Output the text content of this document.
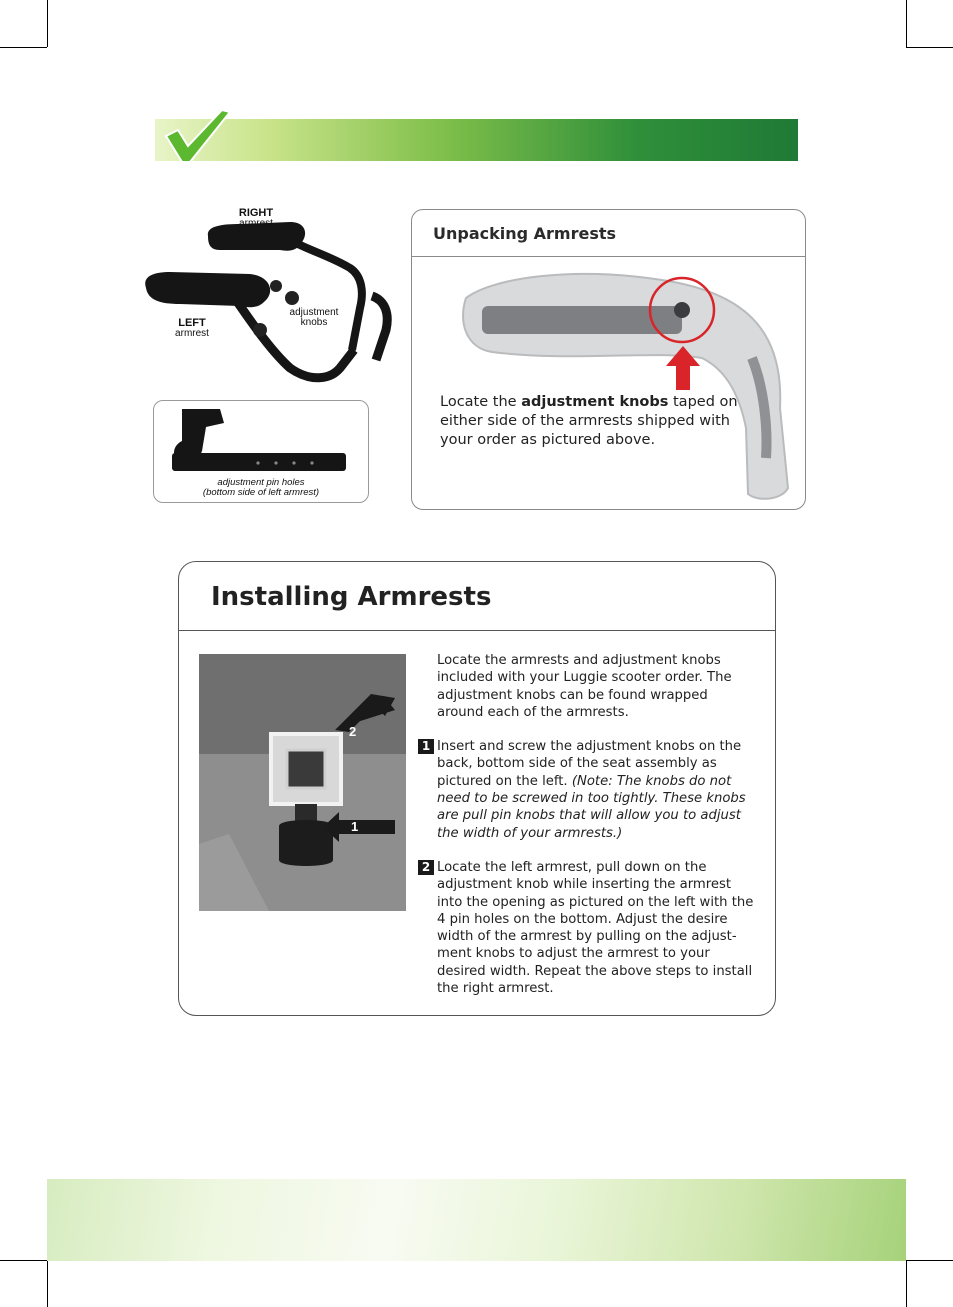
RIGHT
armrest
LEFT
armrest
adjustment
knobs
adjustment pin holes
(bottom side of left armrest)
Unpacking Armrests
Locate the adjustment knobs taped on either side of the armrests shipped with your order as pictured above.
Installing Armrests
2
1

Locate the armrests and adjustment knobs included with your Luggie scooter order. The adjustment knobs can be found wrapped around each of the armrests.

1 Insert and screw the adjustment knobs on the back, bottom side of the seat assembly as pictured on the left. (Note: The knobs do not need to be screwed in too tightly. These knobs are pull pin knobs that will allow you to adjust the width of your armrests.)

2 Locate the left armrest, pull down on the adjustment knob while inserting the armrest into the opening as pictured on the left with the 4 pin holes on the bottom. Adjust the desire width of the armrest by pulling on the adjust-ment knobs to adjust the armrest to your desired width. Repeat the above steps to install the right armrest.
